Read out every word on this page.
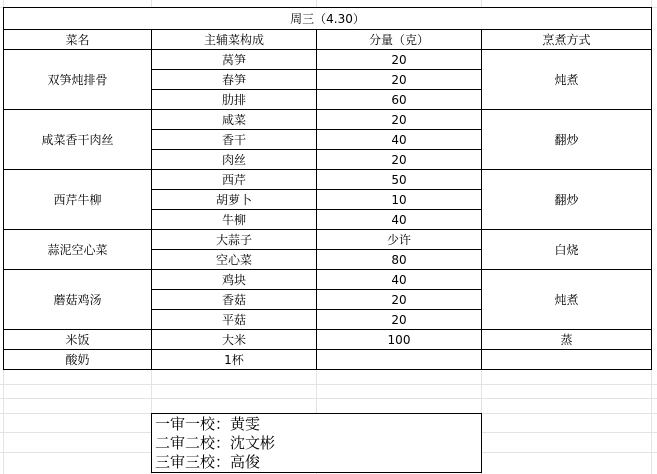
周三（4.30）			
菜名	主辅菜构成	分量（克）	烹煮方式
双笋炖排骨	莴笋	20	炖煮
	春笋	20	
	肋排	60	
咸菜香干肉丝	咸菜	20	翻炒
	香干	40	
	肉丝	20	
西芹牛柳	西芹	50	翻炒
	胡萝卜	10	
	牛柳	40	
蒜泥空心菜	大蒜子	少许	白烧
	空心菜	80	
蘑菇鸡汤	鸡块	40	炖煮
	香菇	20	
	平菇	20	
米饭	大米	100	蒸
酸奶	1杯		
一审一校：黄雯
二审二校：沈文彬
三审三校：高俊
